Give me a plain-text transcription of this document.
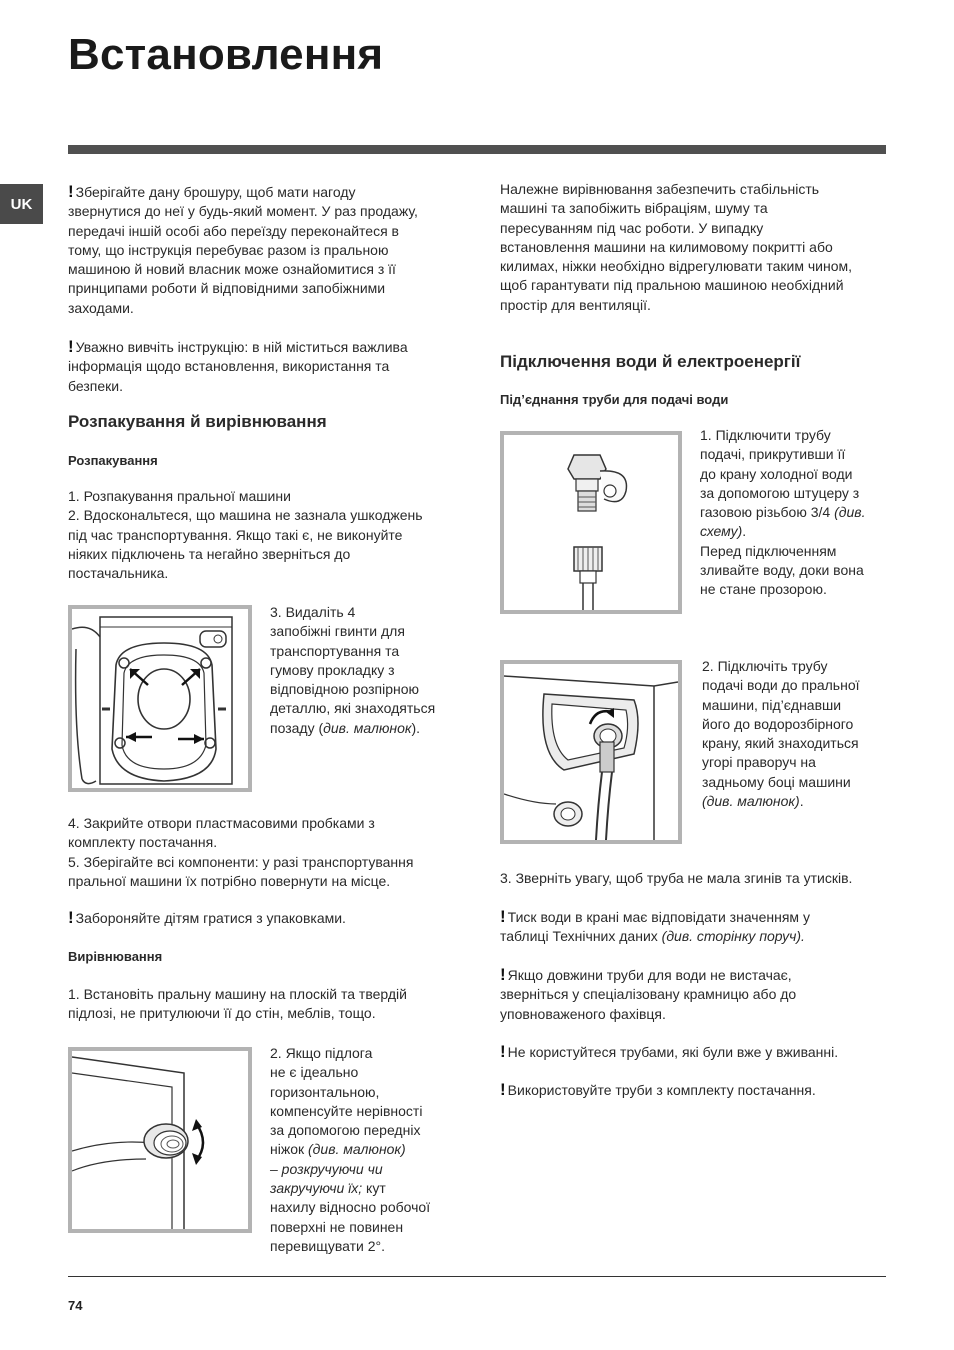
Встановлення
UK
! Зберігайте дану брошуру, щоб мати нагоду
звернутися до неї у будь-який момент. У раз продажу,
передачі іншій особі або переїзду переконайтеся в
тому, що інструкція перебуває разом із пральною
машиною й новий власник може ознайомитися з її
принципами роботи й відповідними запобіжними
заходами.
! Уважно вивчіть інструкцію: в ній міститься важлива
інформація щодо встановлення, використання та
безпеки.
Розпакування й вирівнювання
Розпакування
1. Розпакування пральної машини
2. Вдоскональтеся, що машина не зазнала ушкоджень
під час транспортування. Якщо такі є, не виконуйте
ніяких підключень та негайно зверніться до
постачальника.
3. Видаліть 4
запобіжні гвинти для
транспортування та
гумову прокладку з
відповідною розпірною
деталлю, які знаходяться
позаду (див. малюнок).
4. Закрийте отвори пластмасовими пробками з
комплекту постачання.
5. Зберігайте всі компоненти: у разі транспортування
пральної машини їх потрібно повернути на місце.
! Забороняйте дітям гратися з упаковками.
Вирівнювання
1. Встановіть пральну машину на плоскій та твердій
підлозі, не притулюючи її до стін, меблів, тощо.
2. Якщо підлога
не є ідеально
горизонтальною,
компенсуйте нерівності
за допомогою передніх
ніжок (див. малюнок)
– розкручуючи чи
закручуючи їх; кут
нахилу відносно робочої
поверхні не повинен
перевищувати 2°.
Належне вирівнювання забезпечить стабільність
машині та запобіжить вібраціям, шуму та
пересуванням під час роботи. У випадку
встановлення машини на килимовому покритті або
килимах, ніжки необхідно відрегулювати таким чином,
щоб гарантувати під пральною машиною необхідний
простір для вентиляції.
Підключення води й електроенергії
Під’єднання труби для подачі води
1. Підключити трубу
подачі, прикрутивши її
до крану холодної води
за допомогою штуцеру з
газовою різьбою 3/4 (див.
схему).
Перед підключенням
зливайте воду, доки вона
не стане прозорою.
2. Підключіть трубу
подачі води до пральної
машини, під’єднавши
його до водорозбірного
крану, який знаходиться
угорі праворуч на
задньому боці машини
(див. малюнок).
3. Зверніть увагу, щоб труба не мала згинів та утисків.
! Тиск води в крані має відповідати значенням у
таблиці Технічних даних (див. сторінку поруч).
! Якщо довжини труби для води не вистачає,
зверніться у спеціалізовану крамницю або до
уповноваженого фахівця.
! Не користуйтеся трубами, які були вже у вживанні.
! Використовуйте труби з комплекту постачання.
74
